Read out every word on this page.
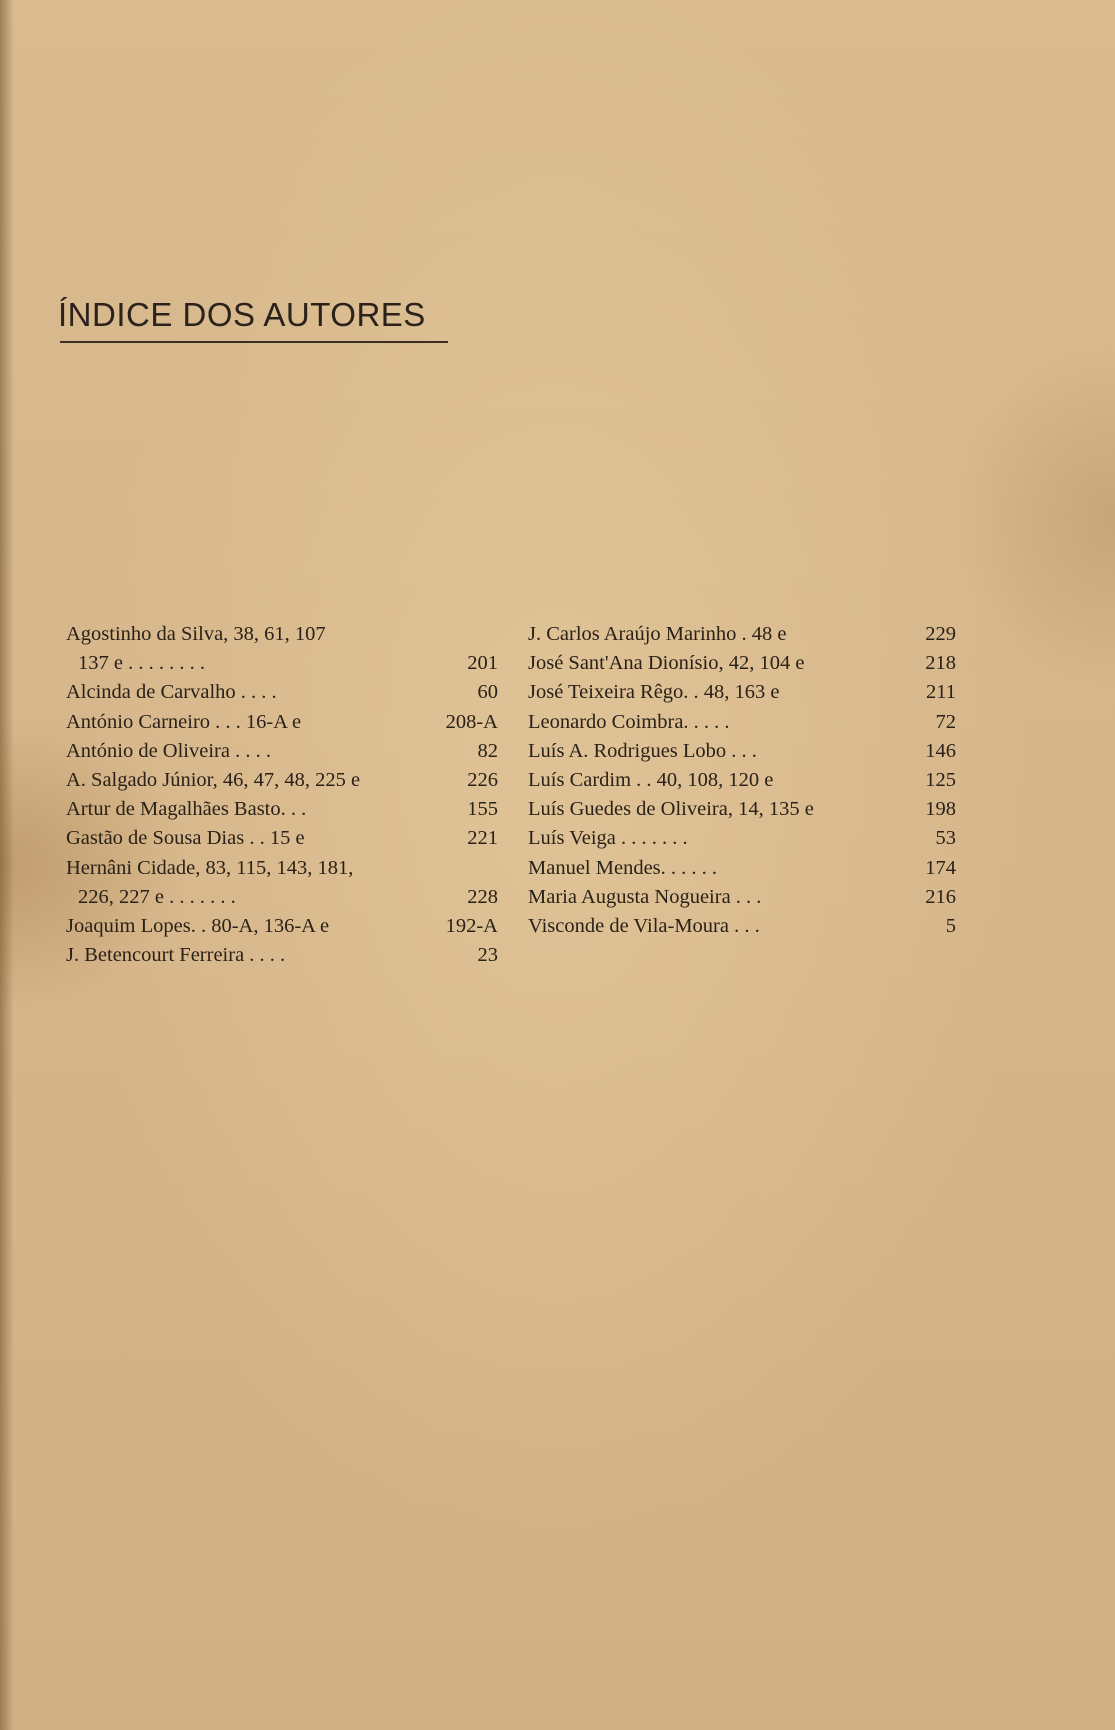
ÍNDICE DOS AUTORES
Agostinho da Silva, 38, 61, 107
137 e . . . . . . . .	201
Alcinda de Carvalho . . . .	60
António Carneiro . . . 16-A e	208-A
António de Oliveira . . . .	82
A. Salgado Júnior, 46, 47, 48, 225 e	226
Artur de Magalhães Basto. . .	155
Gastão de Sousa Dias . . 15 e	221
Hernâni Cidade, 83, 115, 143, 181,
226, 227 e . . . . . . .	228
Joaquim Lopes. . 80-A, 136-A e	192-A
J. Betencourt Ferreira . . . .	23
J. Carlos Araújo Marinho . 48 e	229
José Sant'Ana Dionísio, 42, 104 e	218
José Teixeira Rêgo. . 48, 163 e	211
Leonardo Coimbra. . . . .	72
Luís A. Rodrigues Lobo . . .	146
Luís Cardim . . 40, 108, 120 e	125
Luís Guedes de Oliveira, 14, 135 e	198
Luís Veiga . . . . . . .	53
Manuel Mendes. . . . . .	174
Maria Augusta Nogueira . . .	216
Visconde de Vila-Moura . . .	5
